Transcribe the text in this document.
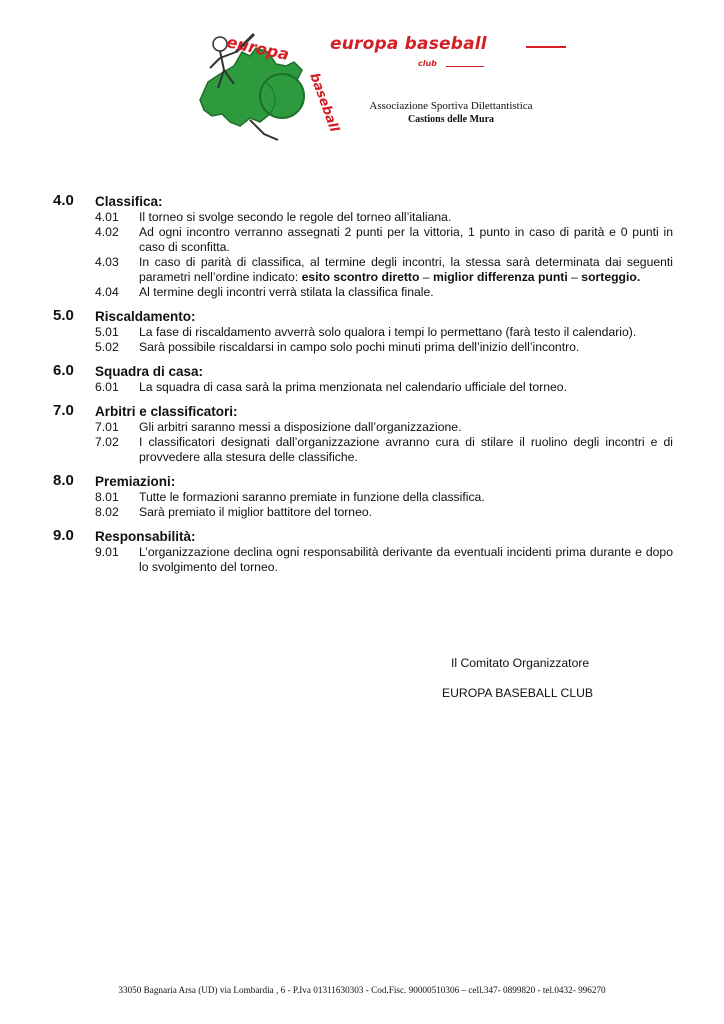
europa
baseball
europa baseball
club
Associazione Sportiva Dilettantistica
Castions delle Mura
4.0 Classifica:
4.01	Il torneo si svolge secondo le regole del torneo all’italiana.
4.02	Ad ogni incontro verranno assegnati 2 punti per la vittoria, 1 punto in caso di parità e 0 punti in caso di sconfitta.
4.03	In caso di parità di classifica, al termine degli incontri, la stessa sarà determinata dai seguenti parametri nell’ordine indicato: esito scontro diretto – miglior differenza punti – sorteggio.
4.04	Al termine degli incontri verrà stilata la classifica finale.
5.0 Riscaldamento:
5.01	La fase di riscaldamento avverrà solo qualora i tempi lo permettano (farà testo il calendario).
5.02	Sarà possibile riscaldarsi in campo solo pochi minuti prima dell’inizio dell’incontro.
6.0 Squadra di casa:
6.01	La squadra di casa sarà la prima menzionata nel calendario ufficiale del torneo.
7.0 Arbitri e classificatori:
7.01	Gli arbitri saranno messi a disposizione dall’organizzazione.
7.02	I classificatori designati dall’organizzazione avranno cura di stilare il ruolino degli incontri e di provvedere alla stesura delle classifiche.
8.0 Premiazioni:
8.01	Tutte le formazioni saranno premiate in funzione della classifica.
8.02	Sarà premiato il miglior battitore del torneo.
9.0 Responsabilità:
9.01	L’organizzazione declina ogni responsabilità derivante da eventuali incidenti prima durante e dopo lo svolgimento del torneo.
Il Comitato Organizzatore
EUROPA BASEBALL CLUB
33050 Bagnaria Arsa (UD) via Lombardia , 6 - P.Iva 01311630303 - Cod.Fisc. 90000510306 – cell.347- 0899820 - tel.0432- 996270
